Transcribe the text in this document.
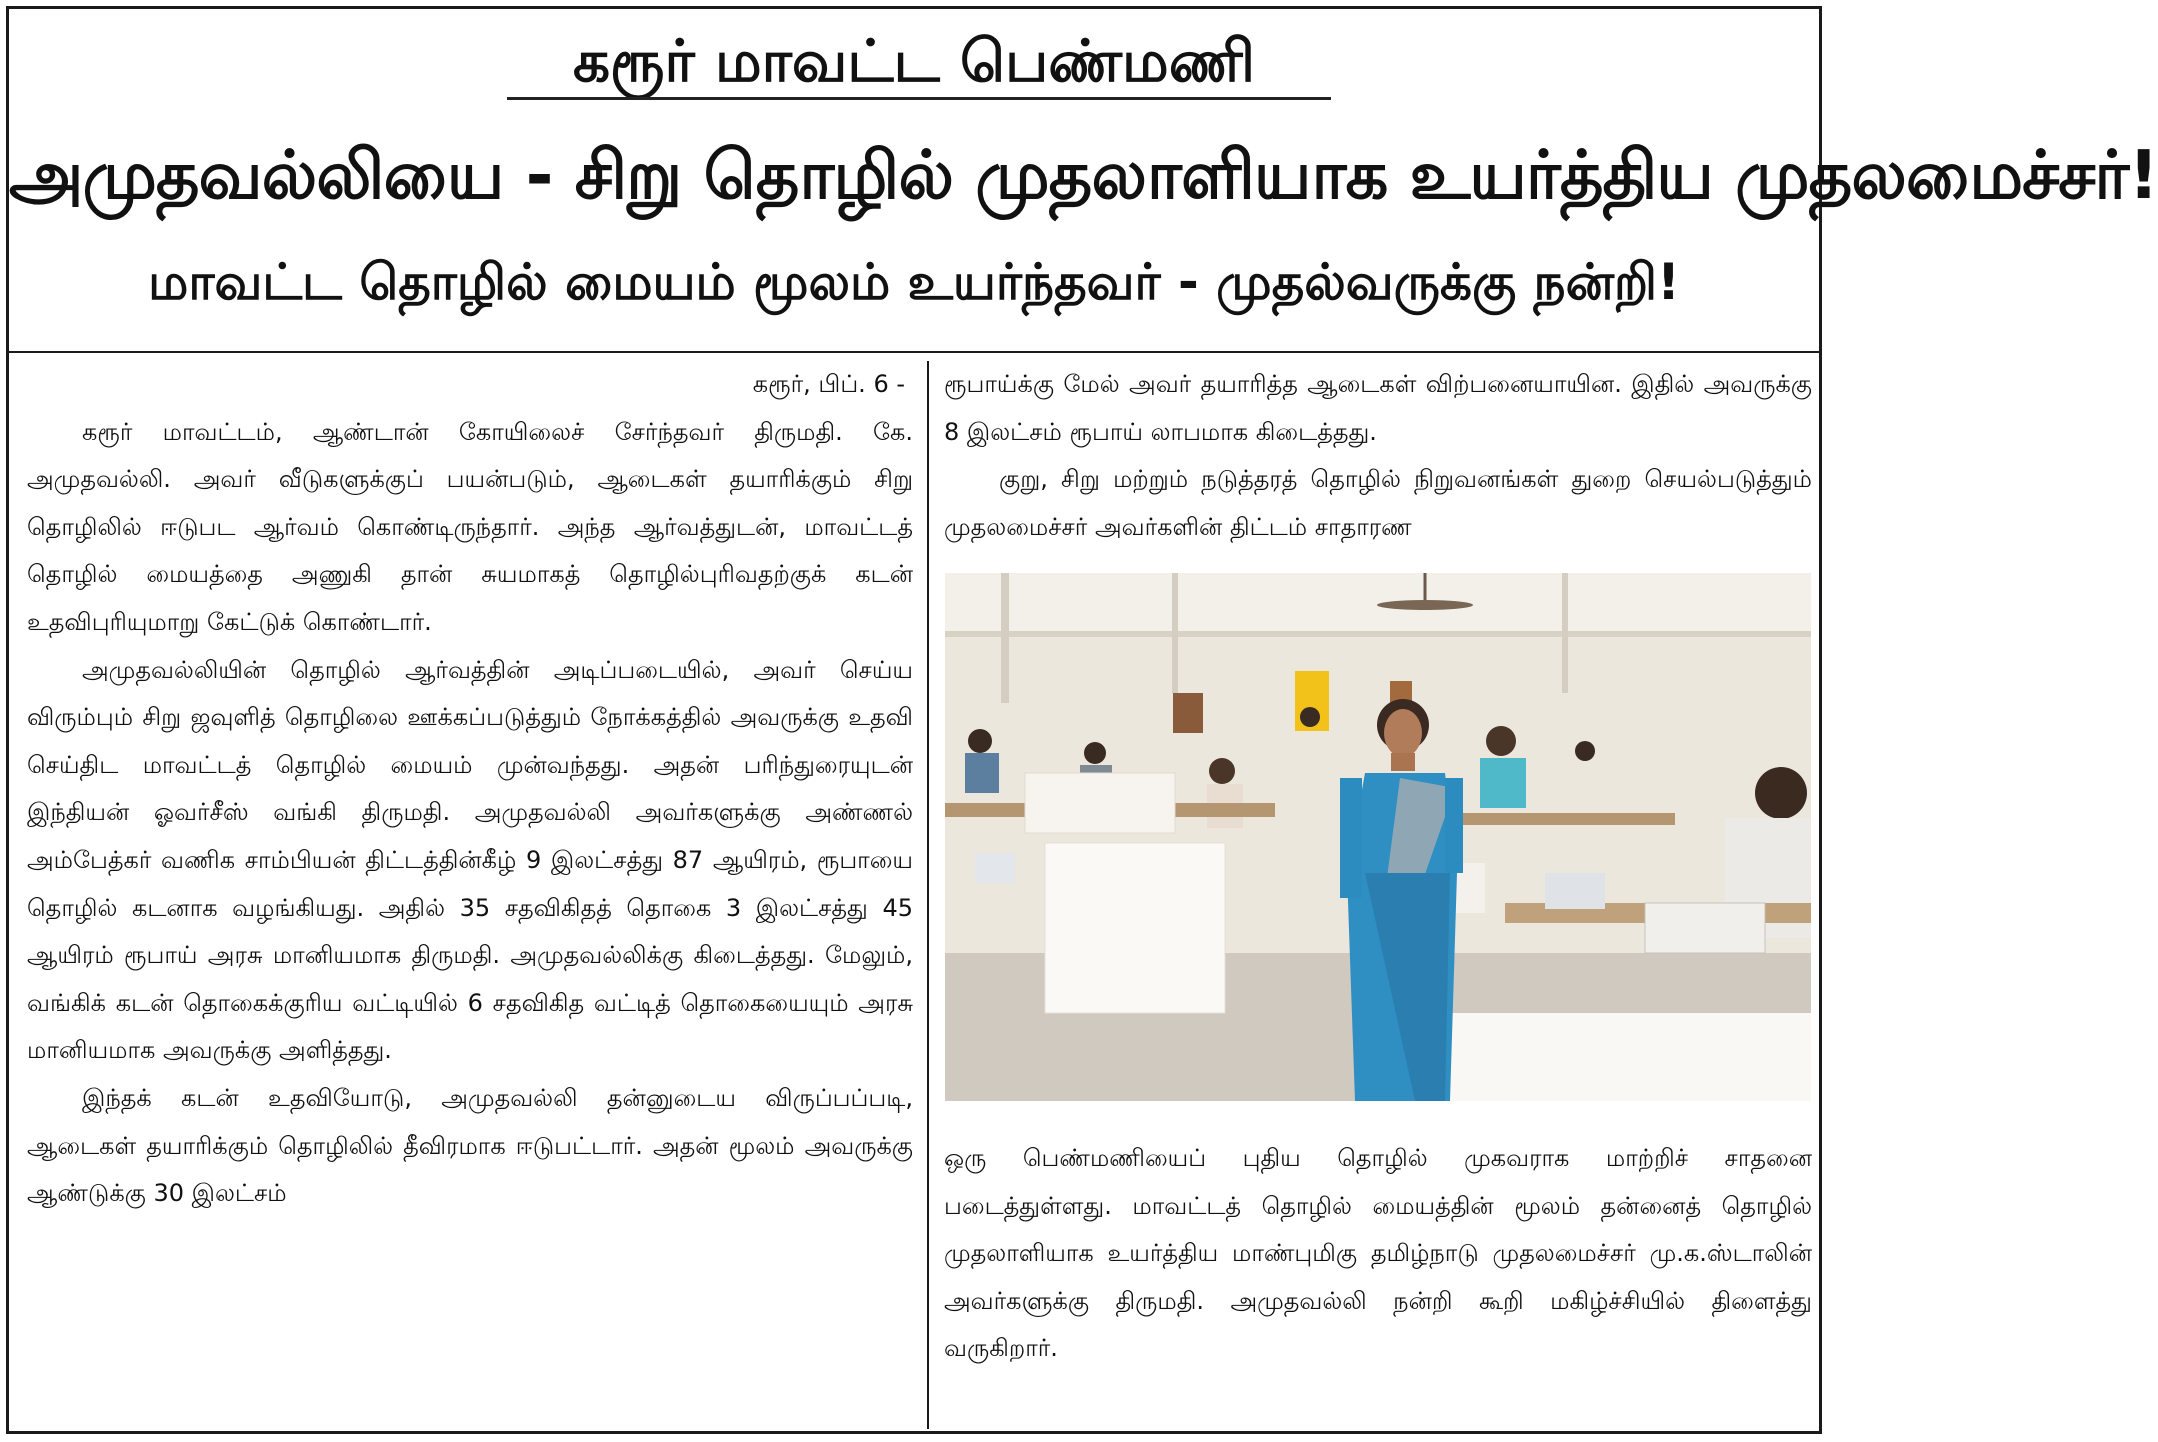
கரூர் மாவட்ட பெண்மணி
அமுதவல்லியை - சிறு தொழில் முதலாளியாக உயர்த்திய முதலமைச்சர்!
மாவட்ட தொழில் மையம் மூலம் உயர்ந்தவர் - முதல்வருக்கு நன்றி!

கரூர், பிப். 6 -

கரூர் மாவட்டம், ஆண்டான் கோயிலைச் சேர்ந்தவர் திருமதி. கே. அமுதவல்லி. அவர் வீடுகளுக்குப் பயன்படும், ஆடைகள் தயாரிக்கும் சிறு தொழிலில் ஈடுபட ஆர்வம் கொண்டிருந்தார். அந்த ஆர்வத்துடன், மாவட்டத் தொழில் மையத்தை அணுகி தான் சுயமாகத் தொழில்புரிவதற்குக் கடன் உதவிபுரியுமாறு கேட்டுக் கொண்டார்.

அமுதவல்லியின் தொழில் ஆர்வத்தின் அடிப்படையில், அவர் செய்ய விரும்பும் சிறு ஜவுளித் தொழிலை ஊக்கப்படுத்தும் நோக்கத்தில் அவருக்கு உதவி செய்திட மாவட்டத் தொழில் மையம் முன்வந்தது. அதன் பரிந்துரையுடன் இந்தியன் ஓவர்சீஸ் வங்கி திருமதி. அமுதவல்லி அவர்களுக்கு அண்ணல் அம்பேத்கர் வணிக சாம்பியன் திட்டத்தின்கீழ் 9 இலட்சத்து 87 ஆயிரம், ரூபாயை தொழில் கடனாக வழங்கியது. அதில் 35 சதவிகிதத் தொகை 3 இலட்சத்து 45 ஆயிரம் ரூபாய் அரசு மானியமாக திருமதி. அமுதவல்லிக்கு கிடைத்தது. மேலும், வங்கிக் கடன் தொகைக்குரிய வட்டியில் 6 சதவிகித வட்டித் தொகையையும் அரசு மானியமாக அவருக்கு அளித்தது.

இந்தக் கடன் உதவியோடு, அமுதவல்லி தன்னுடைய விருப்பப்படி, ஆடைகள் தயாரிக்கும் தொழிலில் தீவிரமாக ஈடுபட்டார். அதன் மூலம் அவருக்கு ஆண்டுக்கு 30 இலட்சம்

ரூபாய்க்கு மேல் அவர் தயாரித்த ஆடைகள் விற்பனையாயின. இதில் அவருக்கு 8 இலட்சம் ரூபாய் லாபமாக கிடைத்தது.

குறு, சிறு மற்றும் நடுத்தரத் தொழில் நிறுவனங்கள் துறை செயல்படுத்தும் முதலமைச்சர் அவர்களின் திட்டம் சாதாரண

ஒரு பெண்மணியைப் புதிய தொழில் முகவராக மாற்றிச் சாதனை படைத்துள்ளது. மாவட்டத் தொழில் மையத்தின் மூலம் தன்னைத் தொழில் முதலாளியாக உயர்த்திய மாண்புமிகு தமிழ்நாடு முதலமைச்சர் மு.க.ஸ்டாலின் அவர்களுக்கு திருமதி. அமுதவல்லி நன்றி கூறி மகிழ்ச்சியில் திளைத்து வருகிறார்.
